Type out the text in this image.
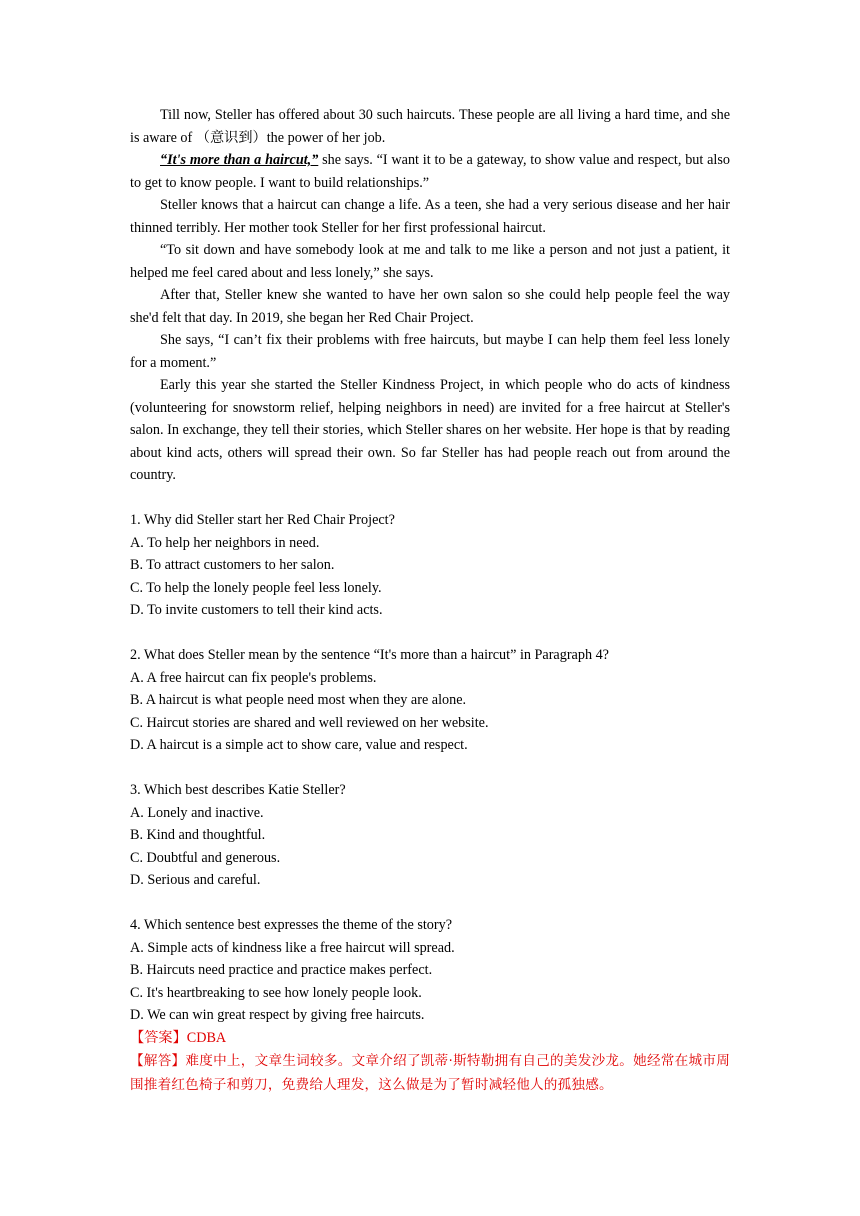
Till now, Steller has offered about 30 such haircuts. These people are all living a hard time, and she is aware of （意识到）the power of her job.

“It's more than a haircut,” she says. “I want it to be a gateway, to show value and respect, but also to get to know people. I want to build relationships.”

Steller knows that a haircut can change a life. As a teen, she had a very serious disease and her hair thinned terribly. Her mother took Steller for her first professional haircut.

“To sit down and have somebody look at me and talk to me like a person and not just a patient, it helped me feel cared about and less lonely,” she says.

After that, Steller knew she wanted to have her own salon so she could help people feel the way she'd felt that day. In 2019, she began her Red Chair Project.

She says, “I can’t fix their problems with free haircuts, but maybe I can help them feel less lonely for a moment.”

Early this year she started the Steller Kindness Project, in which people who do acts of kindness (volunteering for snowstorm relief, helping neighbors in need) are invited for a free haircut at Steller's salon. In exchange, they tell their stories, which Steller shares on her website. Her hope is that by reading about kind acts, others will spread their own. So far Steller has had people reach out from around the country.

1. Why did Steller start her Red Chair Project?

A. To help her neighbors in need.

B. To attract customers to her salon.

C. To help the lonely people feel less lonely.

D. To invite customers to tell their kind acts.

2. What does Steller mean by the sentence “It's more than a haircut” in Paragraph 4?

A. A free haircut can fix people's problems.

B. A haircut is what people need most when they are alone.

C. Haircut stories are shared and well reviewed on her website.

D. A haircut is a simple act to show care, value and respect.

3. Which best describes Katie Steller?

A. Lonely and inactive.

B. Kind and thoughtful.

C. Doubtful and generous.

D. Serious and careful.

4. Which sentence best expresses the theme of the story?

A. Simple acts of kindness like a free haircut will spread.

B. Haircuts need practice and practice makes perfect.

C. It's heartbreaking to see how lonely people look.

D. We can win great respect by giving free haircuts.

【答案】CDBA

【解答】难度中上，文章生词较多。文章介绍了凯蒂·斯特勒拥有自己的美发沙龙。她经常在城市周围推着红色椅子和剪刀，免费给人理发，这么做是为了暂时减轻他人的孤独感。
